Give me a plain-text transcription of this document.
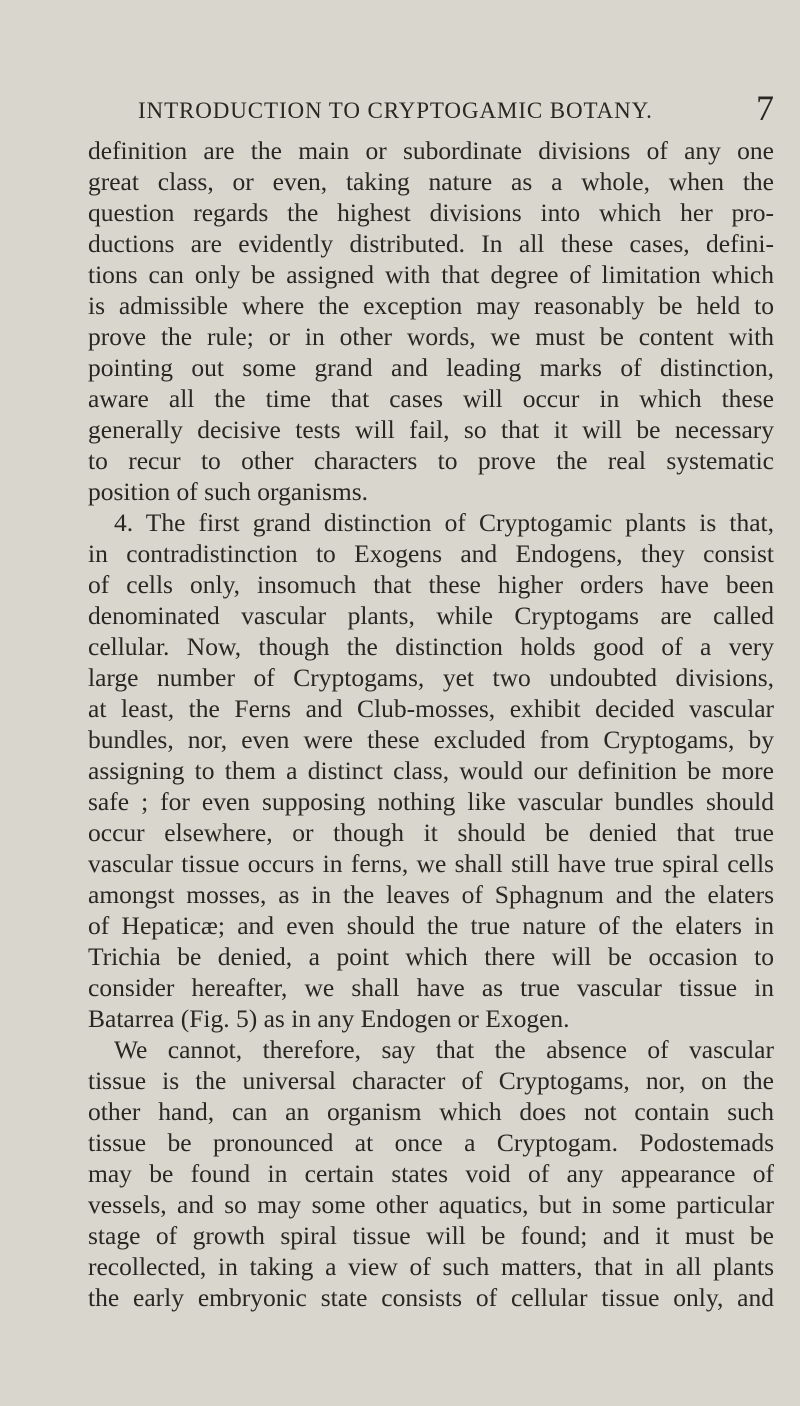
INTRODUCTION TO CRYPTOGAMIC BOTANY.	7
definition are the main or subordinate divisions of any one
great class, or even, taking nature as a whole, when the
question regards the highest divisions into which her pro-
ductions are evidently distributed. In all these cases, defini-
tions can only be assigned with that degree of limitation which
is admissible where the exception may reasonably be held to
prove the rule; or in other words, we must be content with
pointing out some grand and leading marks of distinction,
aware all the time that cases will occur in which these
generally decisive tests will fail, so that it will be necessary
to recur to other characters to prove the real systematic
position of such organisms.
4. The first grand distinction of Cryptogamic plants is that,
in contradistinction to Exogens and Endogens, they consist
of cells only, insomuch that these higher orders have been
denominated vascular plants, while Cryptogams are called
cellular. Now, though the distinction holds good of a very
large number of Cryptogams, yet two undoubted divisions,
at least, the Ferns and Club-mosses, exhibit decided vascular
bundles, nor, even were these excluded from Cryptogams, by
assigning to them a distinct class, would our definition be more
safe ; for even supposing nothing like vascular bundles should
occur elsewhere, or though it should be denied that true
vascular tissue occurs in ferns, we shall still have true spiral cells
amongst mosses, as in the leaves of Sphagnum and the elaters
of Hepaticæ; and even should the true nature of the elaters in
Trichia be denied, a point which there will be occasion to
consider hereafter, we shall have as true vascular tissue in
Batarrea (Fig. 5) as in any Endogen or Exogen.
We cannot, therefore, say that the absence of vascular
tissue is the universal character of Cryptogams, nor, on the
other hand, can an organism which does not contain such
tissue be pronounced at once a Cryptogam. Podostemads
may be found in certain states void of any appearance of
vessels, and so may some other aquatics, but in some particular
stage of growth spiral tissue will be found; and it must be
recollected, in taking a view of such matters, that in all plants
the early embryonic state consists of cellular tissue only, and
